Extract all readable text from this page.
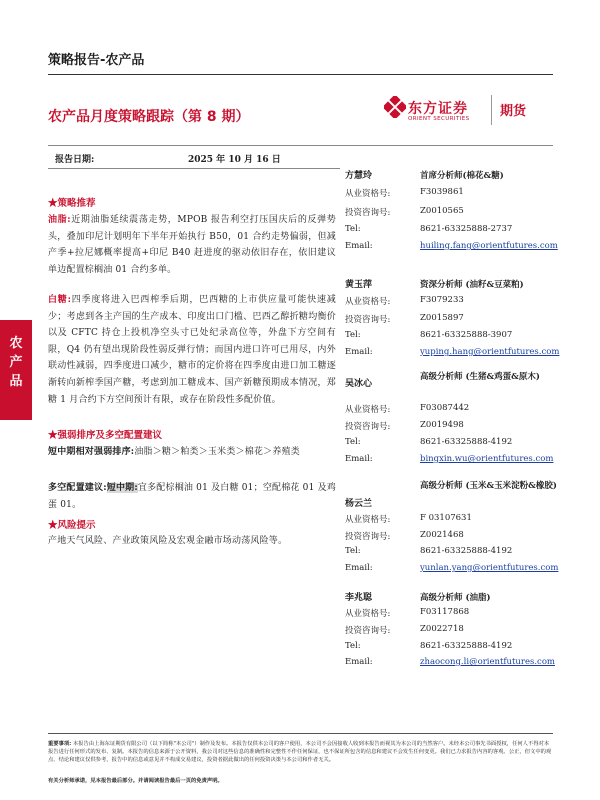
策略报告-农产品
农产品月度策略跟踪（第 8 期）	东方证券
ORIENT SECURITIES 期货
报告日期:	2025 年 10 月 16 日
农产品
★策略推荐
油脂:近期油脂延续震荡走势，MPOB 报告利空打压国庆后的反弹势头，叠加印尼计划明年下半年开始执行 B50，01 合约走势偏弱，但减产季+拉尼娜概率提高+印尼 B40 赶进度的驱动依旧存在，依旧建议单边配置棕榈油 01 合约多单。
白糖:四季度将进入巴西榨季后期，巴西糖的上市供应量可能快速减少；考虑到各主产国的生产成本、印度出口门槛、巴西乙醇折糖均衡价以及 CFTC 持仓上投机净空头寸已处纪录高位等，外盘下方空间有限，Q4 仍有望出现阶段性弱反弹行情；而国内进口许可已用尽，内外联动性减弱，四季度进口减少，糖市的定价将在四季度由进口加工糖逐渐转向新榨季国产糖，考虑到加工糖成本、国产新糖预期成本情况，郑糖 1 月合约下方空间预计有限，或存在阶段性多配价值。
★强弱排序及多空配置建议
短中期相对强弱排序:油脂＞糖＞粕类＞玉米类＞棉花＞养殖类
多空配置建议:短中期:宜多配棕榈油 01 及白糖 01；空配棉花 01 及鸡蛋 01。
★风险提示
产地天气风险、产业政策风险及宏观金融市场动荡风险等。
方慧玲	首席分析师(棉花&糖)
从业资格号:	F3039861
投资咨询号:	Z0010565
Tel:	8621-63325888-2737
Email:	huiling.fang@orientfutures.com
黄玉萍	资深分析师 (油籽&豆菜粕)
从业资格号:	F3079233
投资咨询号:	Z0015897
Tel:	8621-63325888-3907
Email:	yuping.hang@orientfutures.com
吴冰心
高级分析师 (生猪&鸡蛋&原木)
从业资格号:	F03087442
投资咨询号:	Z0019498
Tel:	8621-63325888-4192
Email:	bingxin.wu@orientfutures.com
杨云兰
高级分析师 (玉米&玉米淀粉&橡胶)
从业资格号:	F 03107631
投资咨询号:	Z0021468
Tel:	8621-63325888-4192
Email:	yunlan.yang@orientfutures.com
李兆聪	高级分析师 (油脂)
从业资格号:	F03117868
投资咨询号:	Z0022718
Tel:	8621-63325888-4192
Email:	zhaocong.li@orientfutures.com
重要事项: 本报告由上海东证期货有限公司（以下简称"本公司"）制作及发布。本报告仅供本公司的客户使用，本公司不会因接收人收到本报告而视其为本公司的当然客户。未经本公司事先书面授权，任何人不得对本报告进行任何形式的发布、复制。本报告的信息来源于公开资料，我公司对这些信息的准确性和完整性不作任何保证，也不保证所包含的信息和建议不会发生任何变更。我们已力求报告内容的客观、公正，但文中的观点、结论和建议仅供参考，报告中的信息或意见并不构成交易建议，投资者据此做出的任何投资决策与本公司和作者无关。
有关分析师承诺，见本报告最后部分。并请阅读报告最后一页的免责声明。
